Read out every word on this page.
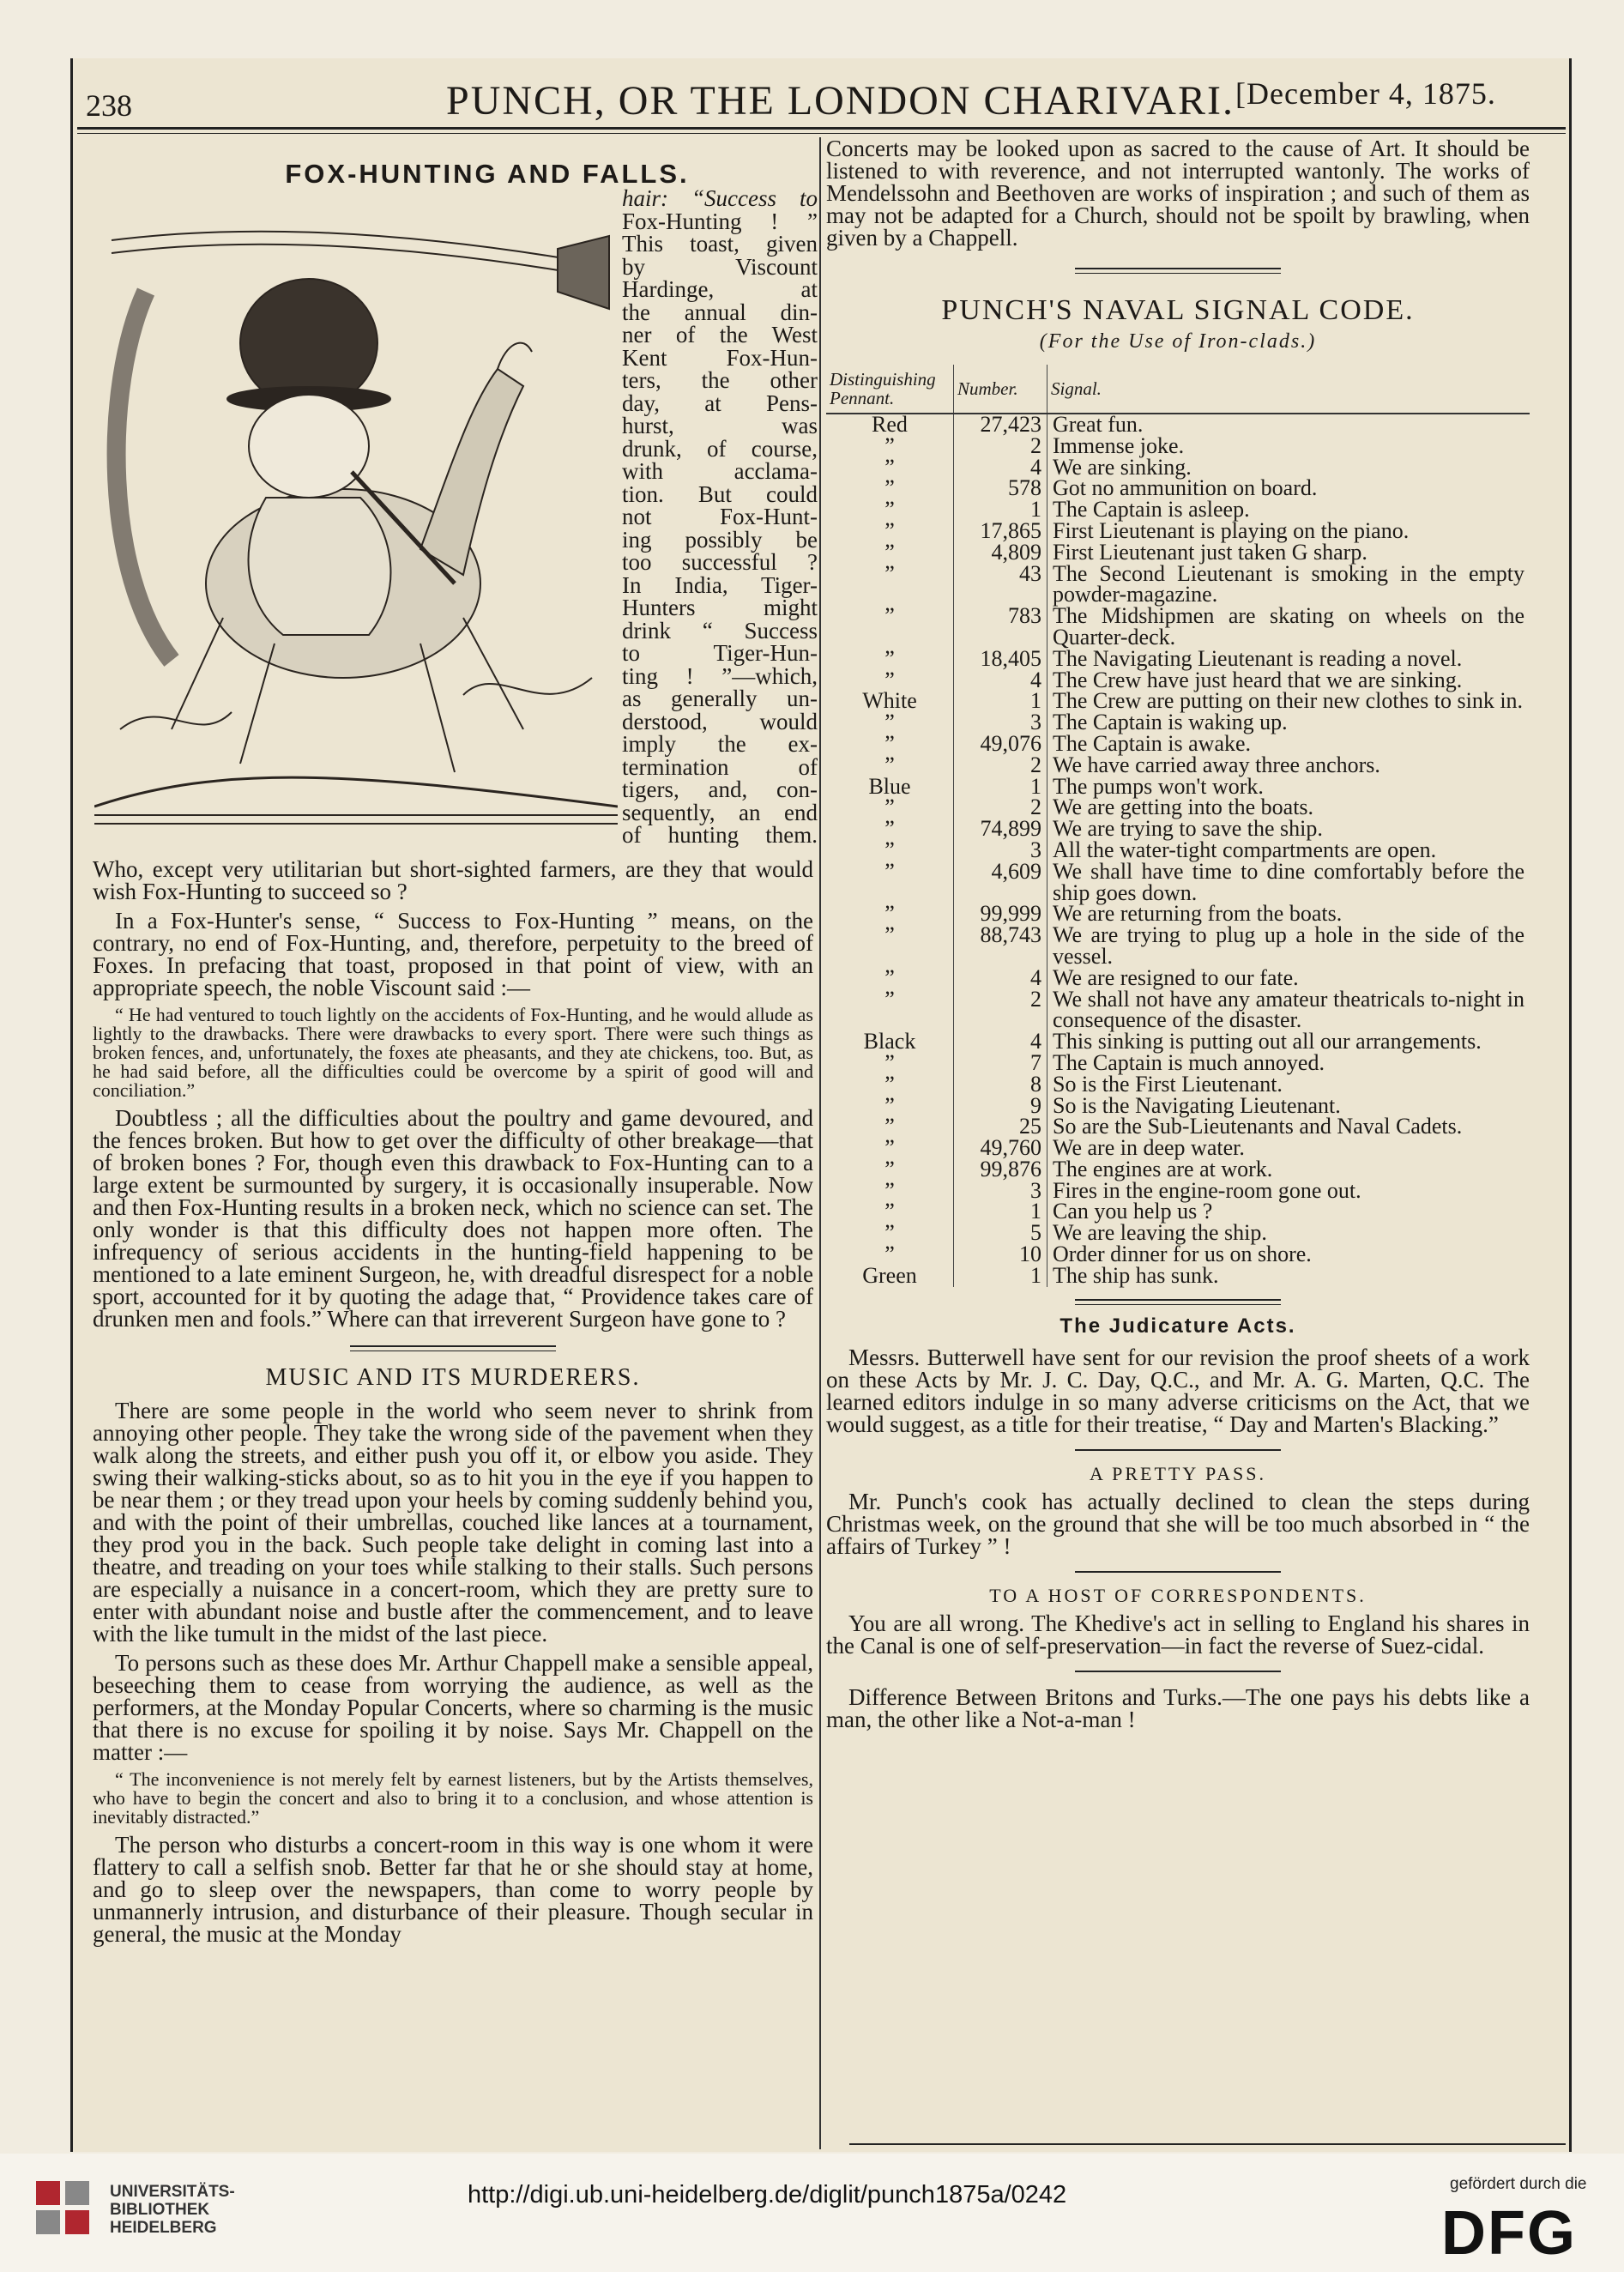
238	PUNCH, OR THE LONDON CHARIVARI. [December 4, 1875.
FOX-HUNTING AND FALLS.
hair: “Success to
Fox-Hunting ! ”
This toast, given
by Viscount
Hardinge, at
the annual din-
ner of the West
Kent Fox-Hun-
ters, the other
day, at Pens-
hurst, was
drunk, of course,
with acclama-
tion. But could
not Fox-Hunt-
ing possibly be
too successful ?
In India, Tiger-
Hunters might
drink “ Success
to Tiger-Hun-
ting ! ”—which,
as generally un-
derstood, would
imply the ex-
termination of
tigers, and, con-
sequently, an end
of hunting them.

Who, except very utilitarian but short-sighted farmers, are they that would wish Fox-Hunting to succeed so ?

In a Fox-Hunter's sense, “ Success to Fox-Hunting ” means, on the contrary, no end of Fox-Hunting, and, therefore, perpetuity to the breed of Foxes. In prefacing that toast, proposed in that point of view, with an appropriate speech, the noble Viscount said :—

“ He had ventured to touch lightly on the accidents of Fox-Hunting, and he would allude as lightly to the drawbacks. There were drawbacks to every sport. There were such things as broken fences, and, unfortunately, the foxes ate pheasants, and they ate chickens, too. But, as he had said before, all the difficulties could be overcome by a spirit of good will and conciliation.”

Doubtless ; all the difficulties about the poultry and game devoured, and the fences broken. But how to get over the difficulty of other breakage—that of broken bones ? For, though even this drawback to Fox-Hunting can to a large extent be surmounted by surgery, it is occasionally insuperable. Now and then Fox-Hunting results in a broken neck, which no science can set. The only wonder is that this difficulty does not happen more often. The infrequency of serious accidents in the hunting-field happening to be mentioned to a late eminent Surgeon, he, with dreadful disrespect for a noble sport, accounted for it by quoting the adage that, “ Providence takes care of drunken men and fools.” Where can that irreverent Surgeon have gone to ?

MUSIC AND ITS MURDERERS.

There are some people in the world who seem never to shrink from annoying other people. They take the wrong side of the pavement when they walk along the streets, and either push you off it, or elbow you aside. They swing their walking-sticks about, so as to hit you in the eye if you happen to be near them ; or they tread upon your heels by coming suddenly behind you, and with the point of their umbrellas, couched like lances at a tournament, they prod you in the back. Such people take delight in coming last into a theatre, and treading on your toes while stalking to their stalls. Such persons are especially a nuisance in a concert-room, which they are pretty sure to enter with abundant noise and bustle after the commencement, and to leave with the like tumult in the midst of the last piece.

To persons such as these does Mr. Arthur Chappell make a sensible appeal, beseeching them to cease from worrying the audience, as well as the performers, at the Monday Popular Concerts, where so charming is the music that there is no excuse for spoiling it by noise. Says Mr. Chappell on the matter :—

“ The inconvenience is not merely felt by earnest listeners, but by the Artists themselves, who have to begin the concert and also to bring it to a conclusion, and whose attention is inevitably distracted.”

The person who disturbs a concert-room in this way is one whom it were flattery to call a selfish snob. Better far that he or she should stay at home, and go to sleep over the newspapers, than come to worry people by unmannerly intrusion, and disturbance of their pleasure. Though secular in general, the music at the Monday

Concerts may be looked upon as sacred to the cause of Art. It should be listened to with reverence, and not interrupted wantonly. The works of Mendelssohn and Beethoven are works of inspiration ; and such of them as may not be adapted for a Church, should not be spoilt by brawling, when given by a Chappell.

PUNCH'S NAVAL SIGNAL CODE.
(For the Use of Iron-clads.)
Distinguishing Pennant.	Number.	Signal.
Red	27,423	Great fun.
”	2	Immense joke.
”	4	We are sinking.
”	578	Got no ammunition on board.
”	1	The Captain is asleep.
”	17,865	First Lieutenant is playing on the piano.
”	4,809	First Lieutenant just taken G sharp.
”	43	The Second Lieutenant is smoking in the empty powder-magazine.
”	783	The Midshipmen are skating on wheels on the Quarter-deck.
”	18,405	The Navigating Lieutenant is reading a novel.
”	4	The Crew have just heard that we are sinking.
White	1	The Crew are putting on their new clothes to sink in.
”	3	The Captain is waking up.
”	49,076	The Captain is awake.
”	2	We have carried away three anchors.
Blue	1	The pumps won't work.
”	2	We are getting into the boats.
”	74,899	We are trying to save the ship.
”	3	All the water-tight compartments are open.
”	4,609	We shall have time to dine comfortably before the ship goes down.
”	99,999	We are returning from the boats.
”	88,743	We are trying to plug up a hole in the side of the vessel.
”	4	We are resigned to our fate.
”	2	We shall not have any amateur theatricals to-night in consequence of the disaster.
Black	4	This sinking is putting out all our arrangements.
”	7	The Captain is much annoyed.
”	8	So is the First Lieutenant.
”	9	So is the Navigating Lieutenant.
”	25	So are the Sub-Lieutenants and Naval Cadets.
”	49,760	We are in deep water.
”	99,876	The engines are at work.
”	3	Fires in the engine-room gone out.
”	1	Can you help us ?
”	5	We are leaving the ship.
”	10	Order dinner for us on shore.
Green	1	The ship has sunk.
The Judicature Acts.

Messrs. Butterwell have sent for our revision the proof sheets of a work on these Acts by Mr. J. C. Day, Q.C., and Mr. A. G. Marten, Q.C. The learned editors indulge in so many adverse criticisms on the Act, that we would suggest, as a title for their treatise, “ Day and Marten's Blacking.”

A PRETTY PASS.

Mr. Punch's cook has actually declined to clean the steps during Christmas week, on the ground that she will be too much absorbed in “ the affairs of Turkey ” !

TO A HOST OF CORRESPONDENTS.

You are all wrong. The Khedive's act in selling to England his shares in the Canal is one of self-preservation—in fact the reverse of Suez-cidal.

Difference Between Britons and Turks.—The one pays his debts like a man, the other like a Not-a-man !

UNIVERSITÄTS-
BIBLIOTHEK
HEIDELBERG
http://digi.ub.uni-heidelberg.de/diglit/punch1875a/0242	gefördert durch die
DFG
